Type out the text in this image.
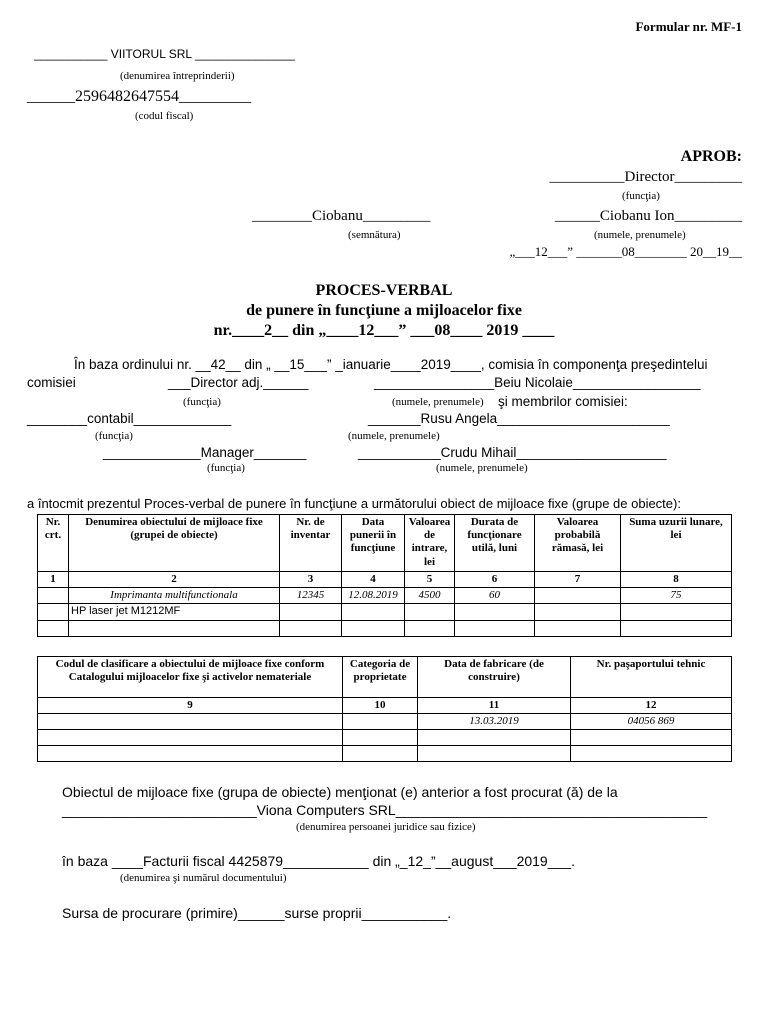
Formular nr. MF-1
___________ VIITORUL SRL _______________
(denumirea întreprinderii)
______2596482647554_________
(codul fiscal)
APROB:
__________Director_________
(funcţia)
________Ciobanu_________
(semnătura)
______Ciobanu Ion_________
(numele, prenumele)
„___12___” _______08________ 20__19__
PROCES-VERBAL
de punere în funcţiune a mijloacelor fixe
nr.____2__ din „____12___” ___08____ 2019 ____
În baza ordinului nr. __42__ din „ __15___” _ianuarie____2019____, comisia în componenţa preşedintelui
comisiei	___Director adj.______	________________Beiu Nicolaie_________________
(funcţia)	(numele, prenumele) şi membrilor comisiei:
________contabil_____________	_______Rusu Angela_______________________
(funcţia)	(numele, prenumele)
_____________Manager_______	___________Crudu Mihail____________________
(funcţia)	(numele, prenumele)
a întocmit prezentul Proces-verbal de punere în funcţiune a următorului obiect de mijloace fixe (grupe de obiecte):
Nr. crt.	Denumirea obiectului de mijloace fixe (grupei de obiecte)	Nr. de inventar	Data punerii în funcţiune	Valoarea de intrare, lei	Durata de funcţionare utilă, luni	Valoarea probabilă rămasă, lei	Suma uzurii lunare, lei
1	2	3	4	5	6	7	8
	Imprimanta multifunctionala	12345	12.08.2019	4500	60		75
	HP laser jet M1212MF						

Codul de clasificare a obiectului de mijloace fixe conform Catalogului mijloacelor fixe şi activelor nemateriale	Categoria de proprietate	Data de fabricare (de construire)	Nr. paşaportului tehnic
9	10	11	12
		13.03.2019	04056 869

Obiectul de mijloace fixe (grupa de obiecte) menţionat (e) anterior a fost procurat (ă) de la
_________________________Viona Computers SRL________________________________________
(denumirea persoanei juridice sau fizice)
în baza ____Facturii fiscal 4425879___________ din „_12_”__august___2019___.
(denumirea şi numărul documentului)
Sursa de procurare (primire)______surse proprii___________.
